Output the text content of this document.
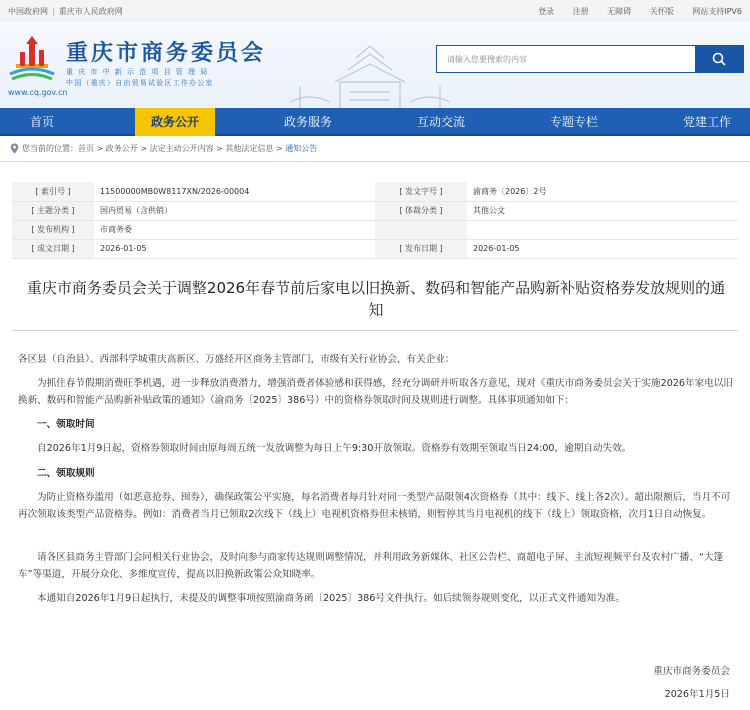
中国政府网 | 重庆市人民政府网	登录 注册 无障碍 关怀版 网站支持IPV6
www.cq.gov.cn
重庆市商务委员会
重庆市中新示范项目管理局
中国（重庆）自由贸易试验区工作办公室
请输入您要搜索的内容
首页	政务公开	政务服务	互动交流	专题专栏	党建工作
您当前的位置：首页 > 政务公开 > 法定主动公开内容 > 其他法定信息 > 通知公告
[ 索引号 ]	11500000MB0W8117XN/2026-00004	[ 发文字号 ]	渝商务〔2026〕2号
[ 主题分类 ]	国内贸易（含供销）	[ 体裁分类 ]	其他公文
[ 发布机构 ]	市商务委		
[ 成文日期 ]	2026-01-05	[ 发布日期 ]	2026-01-05
重庆市商务委员会关于调整2026年春节前后家电以旧换新、数码和智能产品购新补贴资格券发放规则的通知
各区县（自治县）、西部科学城重庆高新区、万盛经开区商务主管部门，市级有关行业协会，有关企业：
为抓住春节假期消费旺季机遇，进一步释放消费潜力，增强消费者体验感和获得感，经充分调研并听取各方意见，现对《重庆市商务委员会关于实施2026年家电以旧换新、数码和智能产品购新补贴政策的通知》（渝商务〔2025〕386号）中的资格券领取时间及规则进行调整。具体事项通知如下：
一、领取时间
自2026年1月9日起，资格券领取时间由原每周五统一发放调整为每日上午9:30开放领取。资格券有效期至领取当日24:00，逾期自动失效。
二、领取规则
为防止资格券滥用（如恶意抢券、囤券），确保政策公平实施，每名消费者每月针对同一类型产品限领4次资格券（其中：线下、线上各2次）。超出限额后，当月不可再次领取该类型产品资格券。例如：消费者当月已领取2次线下（线上）电视机资格券但未核销，则暂停其当月电视机的线下（线上）领取资格，次月1日自动恢复。
请各区县商务主管部门会同相关行业协会，及时向参与商家传达规则调整情况，并利用政务新媒体、社区公告栏、商超电子屏、主流短视频平台及农村广播、“大篷车”等渠道，开展分众化、多维度宣传，提高以旧换新政策公众知晓率。
本通知自2026年1月9日起执行，未提及的调整事项按照渝商务函〔2025〕386号文件执行。如后续领券规则变化，以正式文件通知为准。
重庆市商务委员会
2026年1月5日
